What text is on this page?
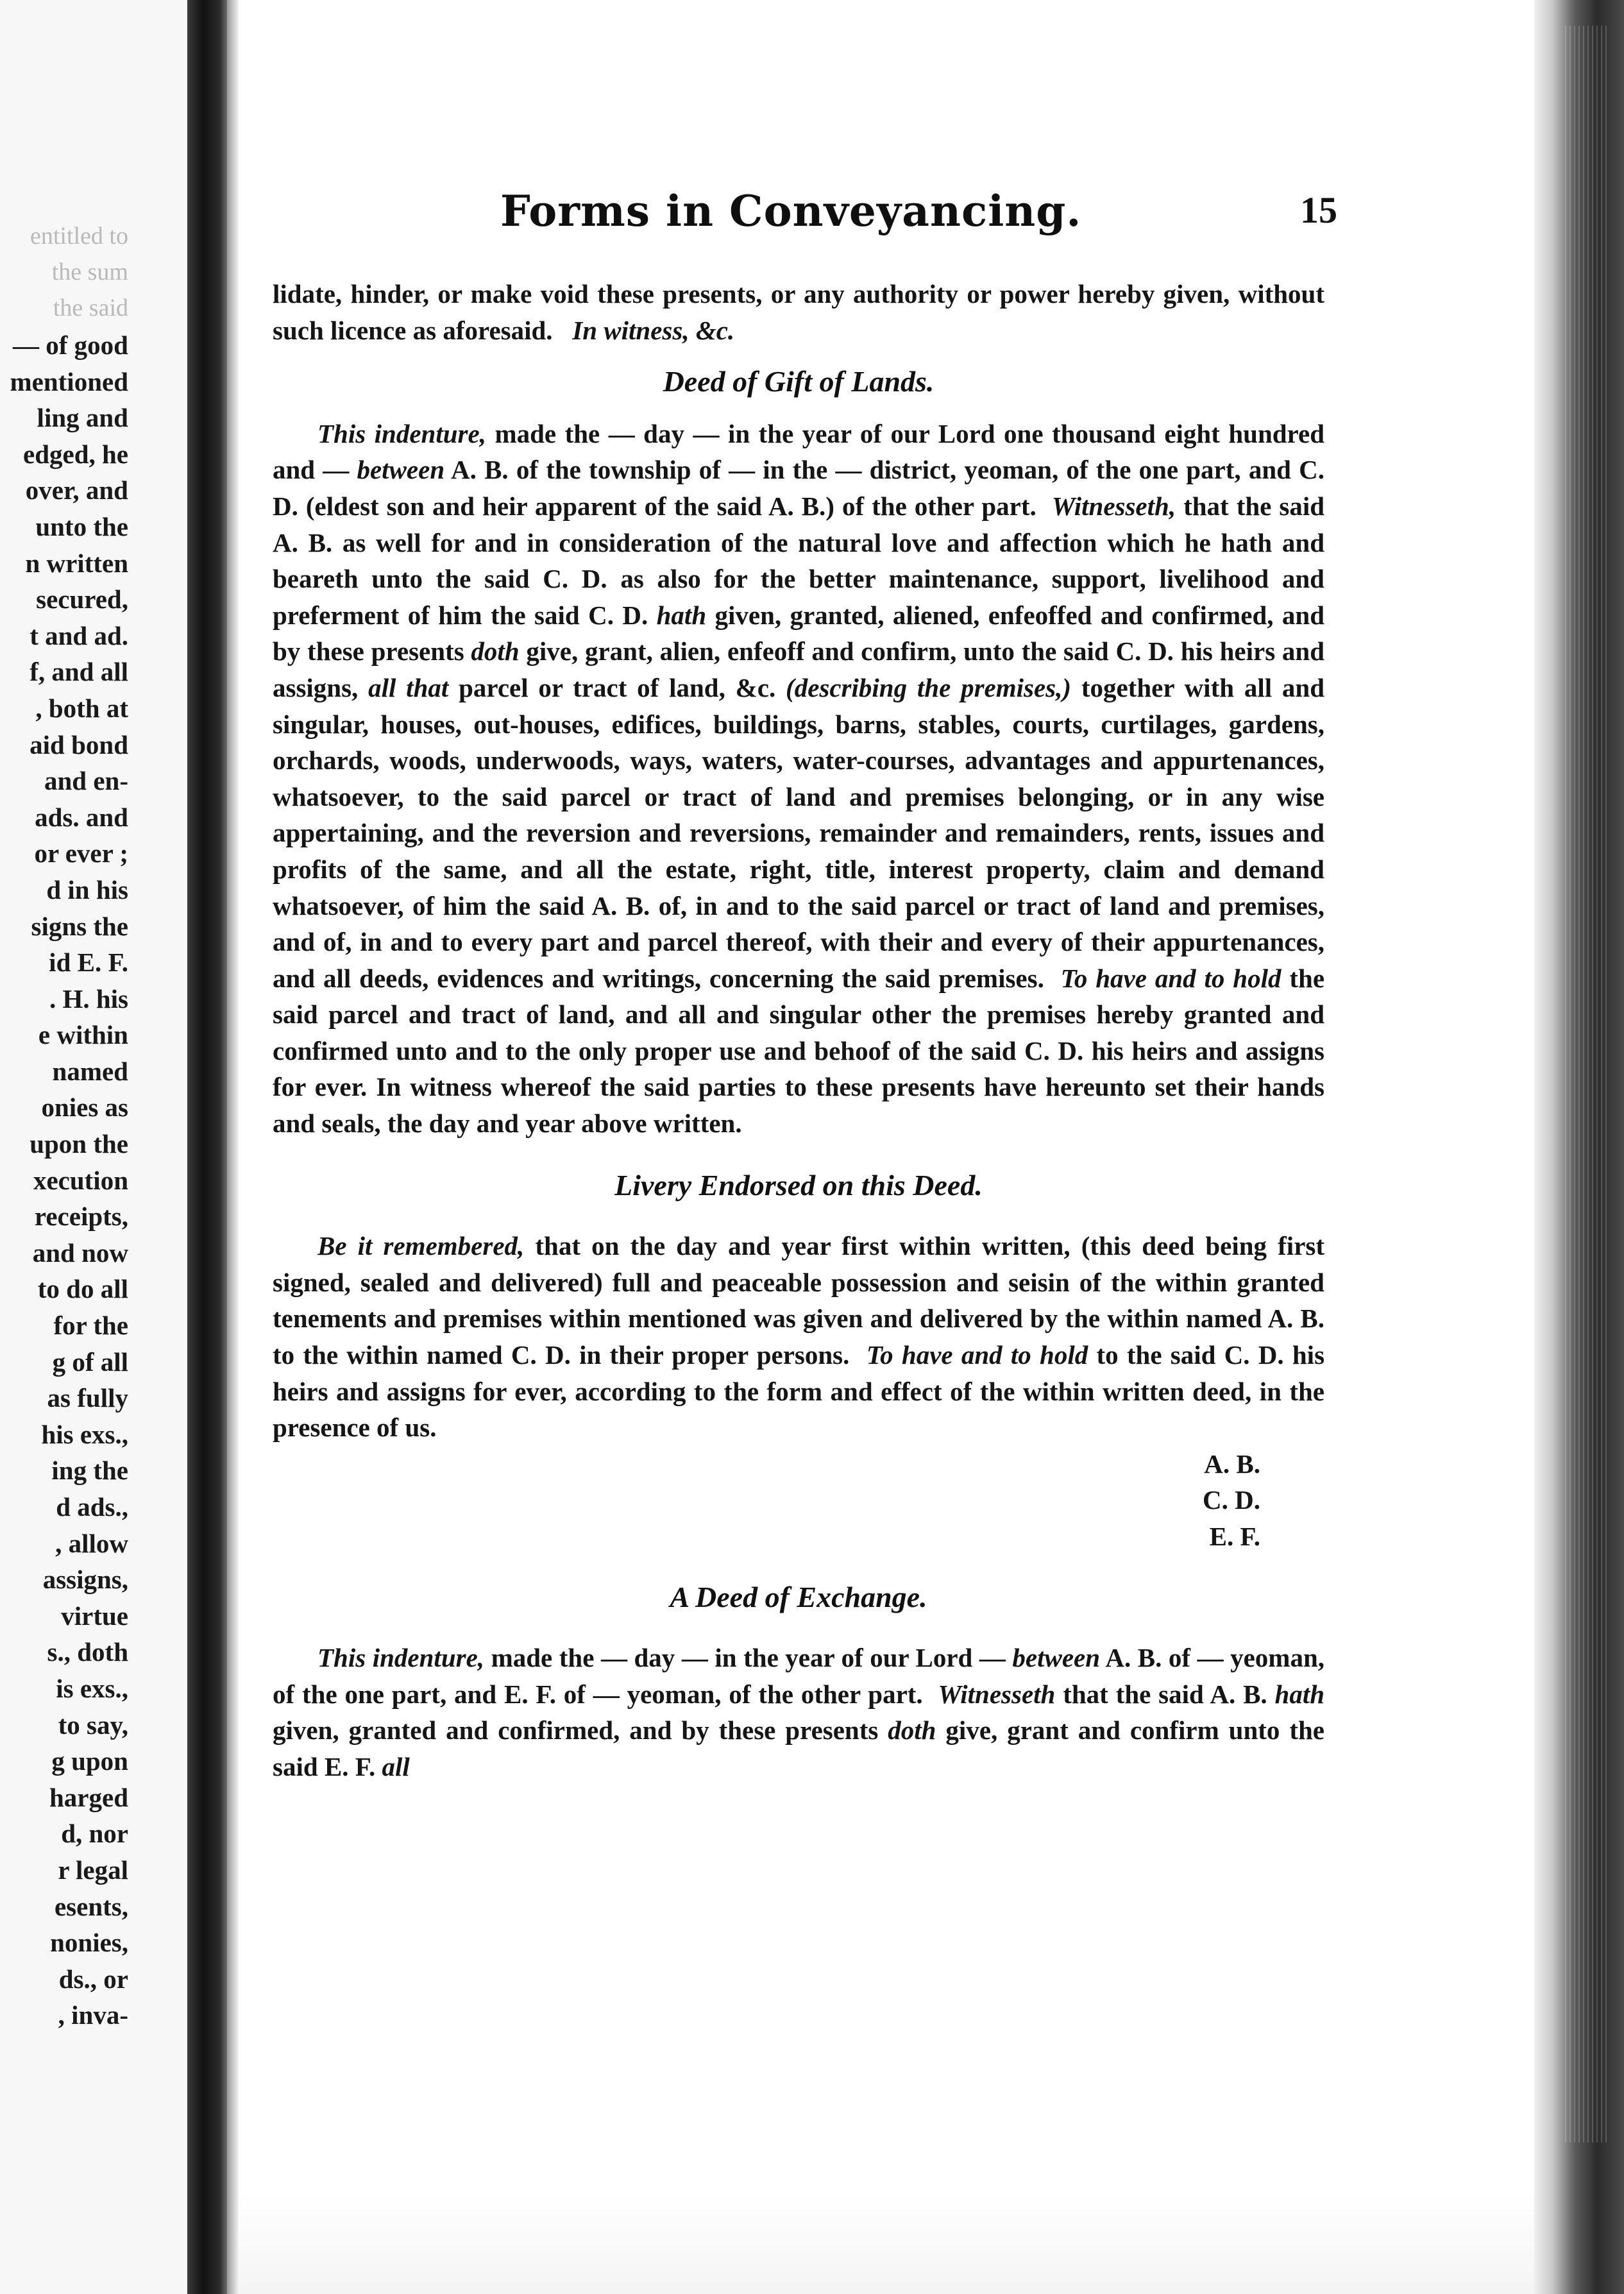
entitled to
the sum
the said
— of good
mentioned
ling and
edged, he
over, and
unto the
n written
secured,
t and ad.
f, and all
, both at
aid bond
and en-
ads. and
or ever ;
d in his
signs the
id E. F.
. H. his
e within
named
onies as
upon the
xecution
receipts,
and now
to do all
for the
g of all
as fully
his exs.,
ing the
d ads.,
, allow
assigns,
virtue
s., doth
is exs.,
to say,
g upon
harged
d, nor
r legal
esents,
nonies,
ds., or
, inva-
Forms in Conveyancing.	15

lidate, hinder, or make void these presents, or any authority or power hereby given, without such licence as aforesaid. In witness, &c.

Deed of Gift of Lands.

This indenture, made the — day — in the year of our Lord one thousand eight hundred and — between A. B. of the township of — in the — district, yeoman, of the one part, and C. D. (eldest son and heir apparent of the said A. B.) of the other part. Witnesseth, that the said A. B. as well for and in consideration of the natural love and affection which he hath and beareth unto the said C. D. as also for the better maintenance, support, livelihood and preferment of him the said C. D. hath given, granted, aliened, enfeoffed and confirmed, and by these presents doth give, grant, alien, enfeoff and confirm, unto the said C. D. his heirs and assigns, all that parcel or tract of land, &c. (describing the premises,) together with all and singular, houses, out-houses, edifices, buildings, barns, stables, courts, curtilages, gardens, orchards, woods, underwoods, ways, waters, water-courses, advantages and appurtenances, whatsoever, to the said parcel or tract of land and premises belonging, or in any wise appertaining, and the reversion and reversions, remainder and remainders, rents, issues and profits of the same, and all the estate, right, title, interest property, claim and demand whatsoever, of him the said A. B. of, in and to the said parcel or tract of land and premises, and of, in and to every part and parcel thereof, with their and every of their appurtenances, and all deeds, evidences and writings, concerning the said premises. To have and to hold the said parcel and tract of land, and all and singular other the premises hereby granted and confirmed unto and to the only proper use and behoof of the said C. D. his heirs and assigns for ever. In witness whereof the said parties to these presents have hereunto set their hands and seals, the day and year above written.

Livery Endorsed on this Deed.

Be it remembered, that on the day and year first within written, (this deed being first signed, sealed and delivered) full and peaceable possession and seisin of the within granted tenements and premises within mentioned was given and delivered by the within named A. B. to the within named C. D. in their proper persons. To have and to hold to the said C. D. his heirs and assigns for ever, according to the form and effect of the within written deed, in the presence of us.

A. B.
C. D.
E. F.
A Deed of Exchange.

This indenture, made the — day — in the year of our Lord — between A. B. of — yeoman, of the one part, and E. F. of — yeoman, of the other part. Witnesseth that the said A. B. hath given, granted and confirmed, and by these presents doth give, grant and confirm unto the said E. F. all
